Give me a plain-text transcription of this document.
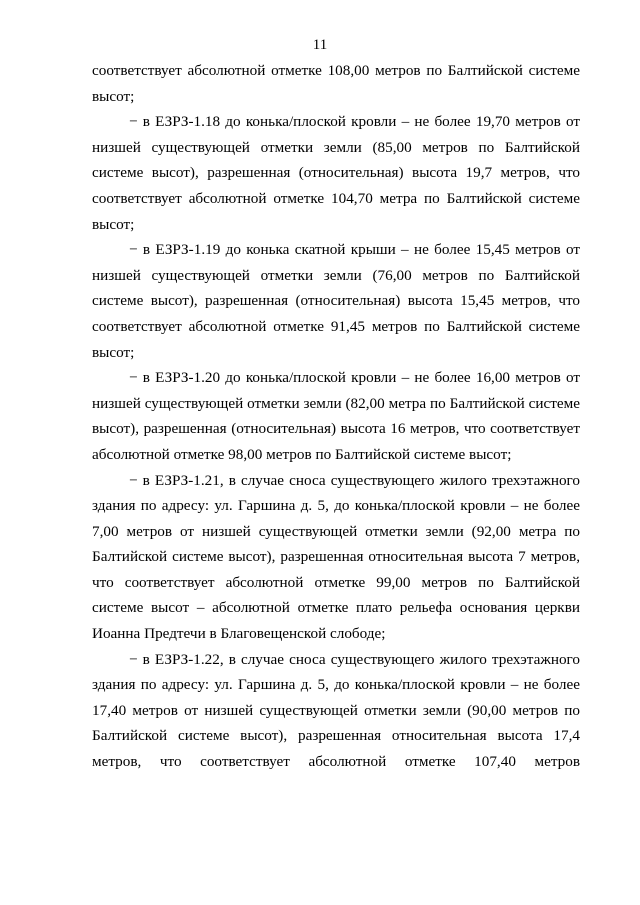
11

соответствует абсолютной отметке 108,00 метров по Балтийской системе высот;

− в ЕЗРЗ-1.18 до конька/плоской кровли – не более 19,70 метров от низшей существующей отметки земли (85,00 метров по Балтийской системе высот), разрешенная (относительная) высота 19,7 метров, что соответствует абсолютной отметке 104,70 метра по Балтийской системе высот;

− в ЕЗРЗ-1.19 до конька скатной крыши – не более 15,45 метров от низшей существующей отметки земли (76,00 метров по Балтийской системе высот), разрешенная (относительная) высота 15,45 метров, что соответствует абсолютной отметке 91,45 метров по Балтийской системе высот;

− в ЕЗРЗ-1.20 до конька/плоской кровли – не более 16,00 метров от низшей существующей отметки земли (82,00 метра по Балтийской системе высот), разрешенная (относительная) высота 16 метров, что соответствует абсолютной отметке 98,00 метров по Балтийской системе высот;

− в ЕЗРЗ-1.21, в случае сноса существующего жилого трехэтажного здания по адресу: ул. Гаршина д. 5, до конька/плоской кровли – не более 7,00 метров от низшей существующей отметки земли (92,00 метра по Балтийской системе высот), разрешенная относительная высота 7 метров, что соответствует абсолютной отметке 99,00 метров по Балтийской системе высот – абсолютной отметке плато рельефа основания церкви Иоанна Предтечи в Благовещенской слободе;

− в ЕЗРЗ-1.22, в случае сноса существующего жилого трехэтажного здания по адресу: ул. Гаршина д. 5, до конька/плоской кровли – не более 17,40 метров от низшей существующей отметки земли (90,00 метров по Балтийской системе высот), разрешенная относительная высота 17,4 метров, что соответствует абсолютной отметке 107,40 метров
